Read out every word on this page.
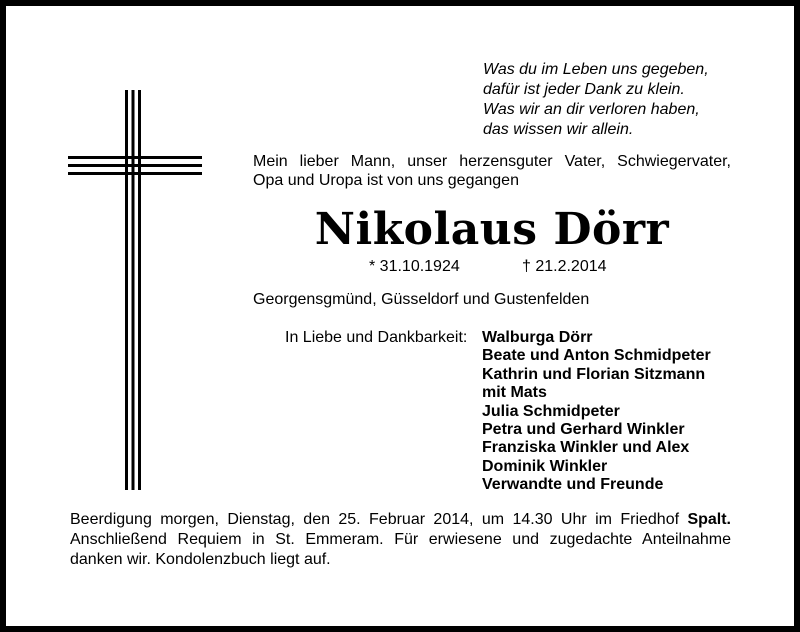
Was du im Leben uns gegeben,
dafür ist jeder Dank zu klein.
Was wir an dir verloren haben,
das wissen wir allein.
Mein lieber Mann, unser herzensguter Vater, Schwiegervater,
Opa und Uropa ist von uns gegangen
Nikolaus Dörr
* 31.10.1924	† 21.2.2014
Georgensgmünd, Güsseldorf und Gustenfelden
In Liebe und Dankbarkeit: Walburga Dörr
Beate und Anton Schmidpeter
Kathrin und Florian Sitzmann
mit Mats
Julia Schmidpeter
Petra und Gerhard Winkler
Franziska Winkler und Alex
Dominik Winkler
Verwandte und Freunde
Beerdigung morgen, Dienstag, den 25. Februar 2014, um 14.30 Uhr im Friedhof Spalt.
Anschließend Requiem in St. Emmeram. Für erwiesene und zugedachte Anteilnahme
danken wir. Kondolenzbuch liegt auf.
